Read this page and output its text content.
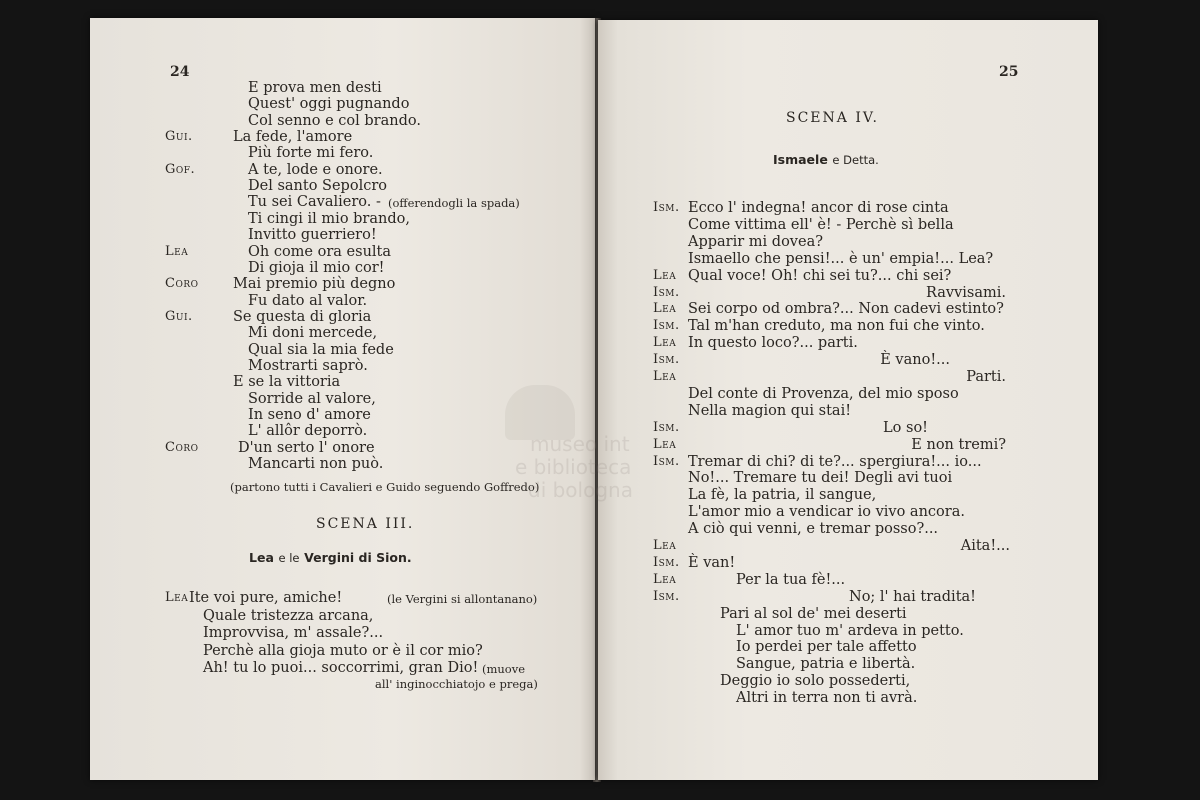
24
E prova men desti
Quest' oggi pugnando
Col senno e col brando.
Gui.	La fede, l'amore
Più forte mi fero.
Gof.	A te, lode e onore.
Del santo Sepolcro
Tu sei Cavaliero. - (offerendogli la spada)
Ti cingi il mio brando,
Invitto guerriero!
Lea	Oh come ora esulta
Di gioja il mio cor!
Coro Mai premio più degno
Fu dato al valor.
Gui.	Se questa di gloria
Mi doni mercede,
Qual sia la mia fede
Mostrarti saprò.
E se la vittoria
Sorride al valore,
In seno d' amore
L' allôr deporrò.
Coro	D'un serto l' onore
Mancarti non può.
(partono tutti i Cavalieri e Guido seguendo Goffredo)
SCENA III.
Lea e le Vergini di Sion.
Lea Ite voi pure, amiche!	(le Vergini si allontanano)
Quale tristezza arcana,
Improvvisa, m' assale?...
Perchè alla gioja muto or è il cor mio?
Ah! tu lo puoi... soccorrimi, gran Dio! (muove
all' inginocchiatojo e prega)
25
SCENA IV.
Ismaele e Detta.
Ism. Ecco l' indegna! ancor di rose cinta
Come vittima ell' è! - Perchè sì bella
Apparir mi dovea?
Ismaello che pensi!... è un' empia!... Lea?
Lea Qual voce! Oh! chi sei tu?... chi sei?
Ism.	Ravvisami.
Lea Sei corpo od ombra?... Non cadevi estinto?
Ism. Tal m'han creduto, ma non fui che vinto.
Lea In questo loco?... parti.
Ism.	È vano!...
Lea	Parti.
Del conte di Provenza, del mio sposo
Nella magion qui stai!
Ism.	Lo so!
Lea	E non tremi?
Ism. Tremar di chi? di te?... spergiura!... io...
No!... Tremare tu dei! Degli avi tuoi
La fè, la patria, il sangue,
L'amor mio a vendicar io vivo ancora.
A ciò qui venni, e tremar posso?...
Lea	Aita!...
Ism. È van!
Lea	Per la tua fè!...
Ism.	No; l' hai tradita!
Pari al sol de' mei deserti
L' amor tuo m' ardeva in petto.
Io perdei per tale affetto
Sangue, patria e libertà.
Deggio io solo possederti,
Altri in terra non ti avrà.
museo int
e biblioteca
di bologna
